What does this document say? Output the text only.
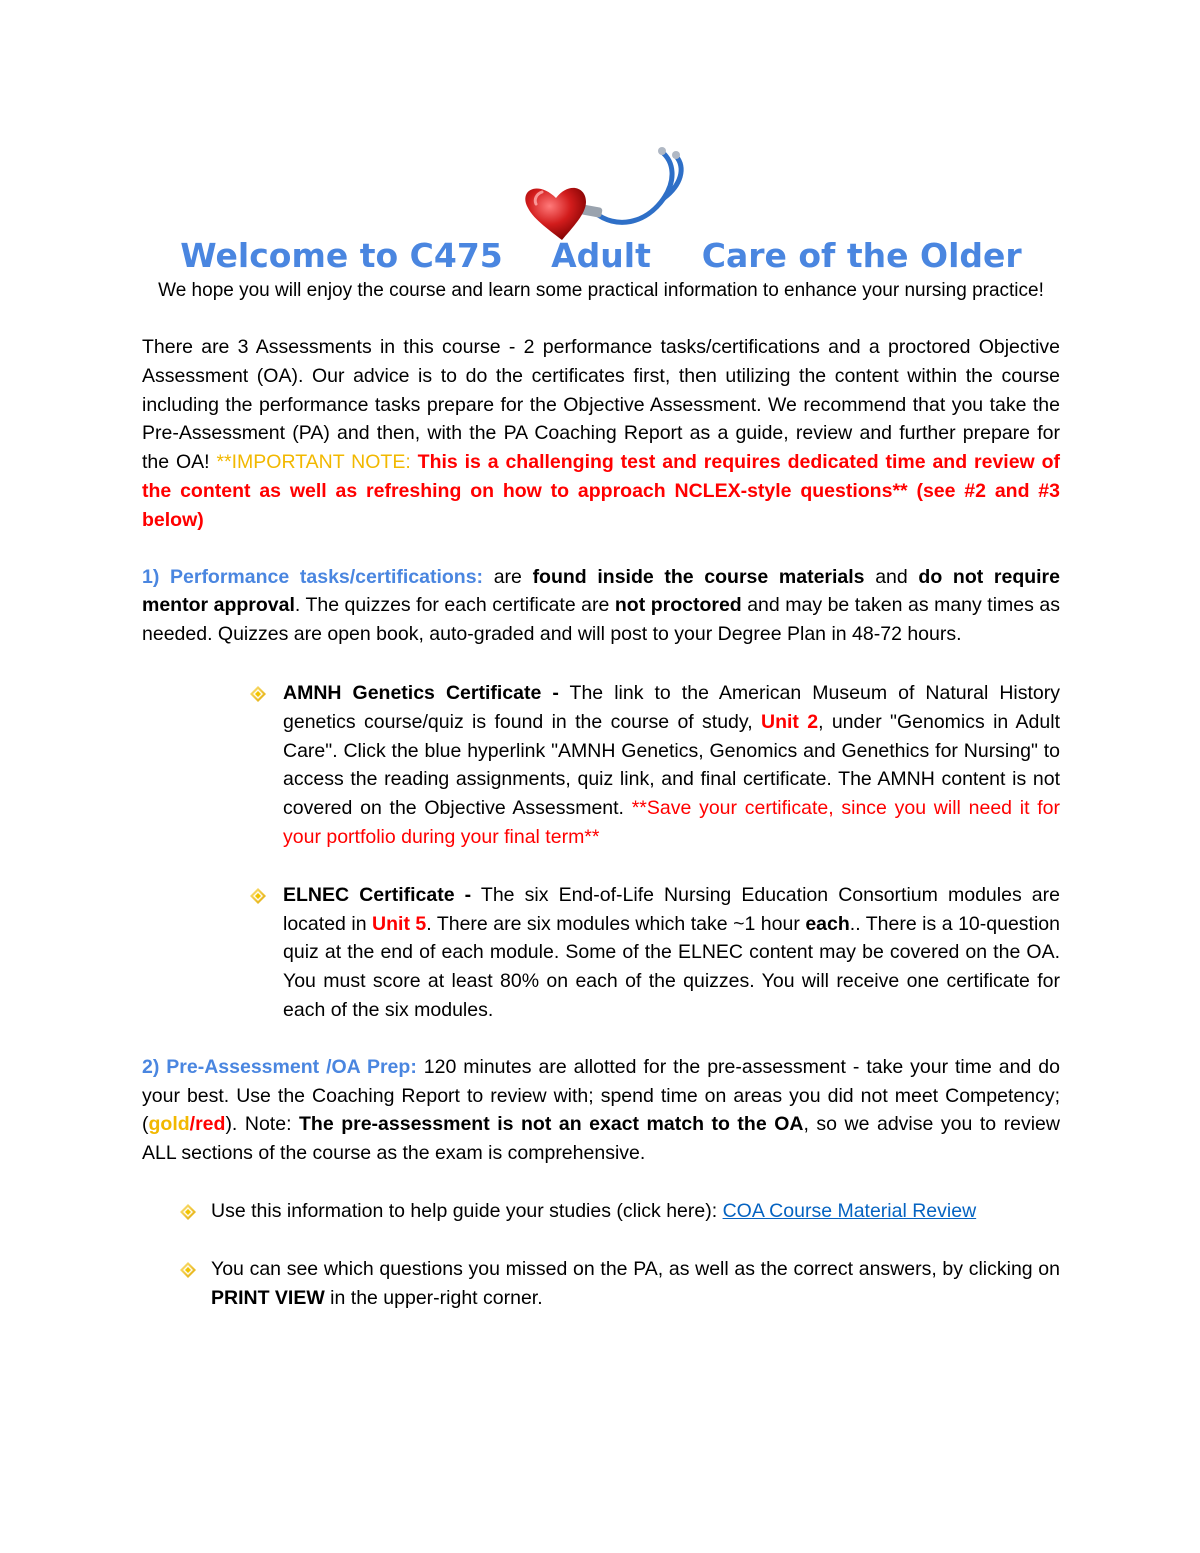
Welcome to C475	Care of the Older
Adult
We hope you will enjoy the course and learn some practical information to enhance your nursing practice!

There are 3 Assessments in this course - 2 performance tasks/certifications and a proctored Objective Assessment (OA). Our advice is to do the certificates first, then utilizing the content within the course including the performance tasks prepare for the Objective Assessment. We recommend that you take the Pre-Assessment (PA) and then, with the PA Coaching Report as a guide, review and further prepare for the OA! **IMPORTANT NOTE: This is a challenging test and requires dedicated time and review of the content as well as refreshing on how to approach NCLEX-style questions** (see #2 and #3 below)

1) Performance tasks/certifications: are found inside the course materials and do not require mentor approval. The quizzes for each certificate are not proctored and may be taken as many times as needed. Quizzes are open book, auto-graded and will post to your Degree Plan in 48-72 hours.

AMNH Genetics Certificate - The link to the American Museum of Natural History genetics course/quiz is found in the course of study, Unit 2, under "Genomics in Adult Care". Click the blue hyperlink "AMNH Genetics, Genomics and Genethics for Nursing" to access the reading assignments, quiz link, and final certificate. The AMNH content is not covered on the Objective Assessment. **Save your certificate, since you will need it for your portfolio during your final term**

ELNEC Certificate - The six End-of-Life Nursing Education Consortium modules are located in Unit 5. There are six modules which take ~1 hour each.. There is a 10-question quiz at the end of each module. Some of the ELNEC content may be covered on the OA. You must score at least 80% on each of the quizzes. You will receive one certificate for each of the six modules.

2) Pre-Assessment /OA Prep: 120 minutes are allotted for the pre-assessment - take your time and do your best. Use the Coaching Report to review with; spend time on areas you did not meet Competency; (gold/red). Note: The pre-assessment is not an exact match to the OA, so we advise you to review ALL sections of the course as the exam is comprehensive.

Use this information to help guide your studies (click here): COA Course Material Review

You can see which questions you missed on the PA, as well as the correct answers, by clicking on PRINT VIEW in the upper-right corner.
